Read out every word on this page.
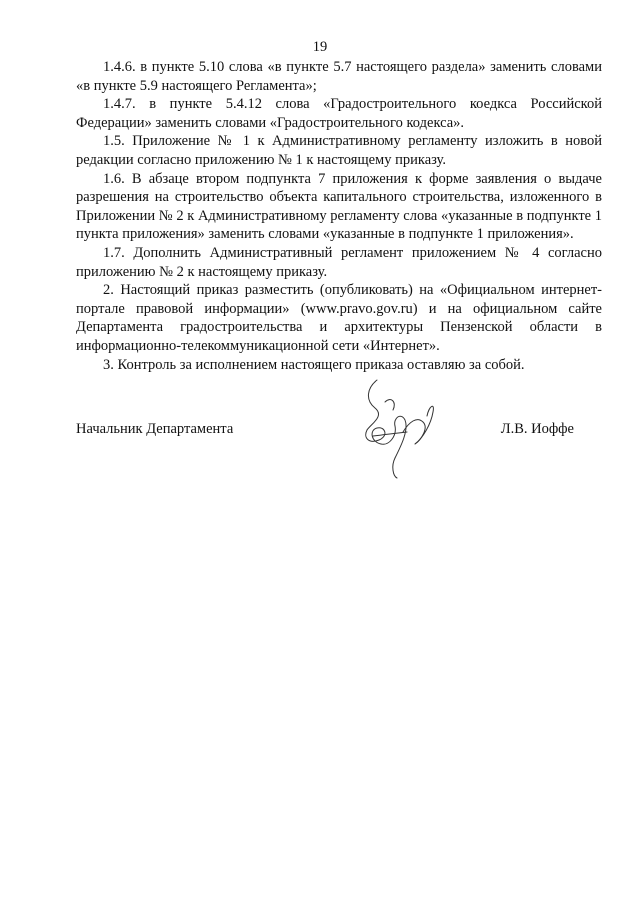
19

1.4.6. в пункте 5.10 слова «в пункте 5.7 настоящего раздела» заменить словами «в пункте 5.9 настоящего Регламента»;

1.4.7. в пункте 5.4.12 слова «Градостроительного коедкса Российской Федерации» заменить словами «Градостроительного кодекса».

1.5. Приложение № 1 к Административному регламенту изложить в новой редакции согласно приложению № 1 к настоящему приказу.

1.6. В абзаце втором подпункта 7 приложения к форме заявления о выдаче разрешения на строительство объекта капитального строительства, изложенного в Приложении № 2 к Административному регламенту слова «указанные в подпункте 1 пункта приложения» заменить словами «указанные в подпункте 1 приложения».

1.7. Дополнить Административный регламент приложением № 4 согласно приложению № 2 к настоящему приказу.

2. Настоящий приказ разместить (опубликовать) на «Официальном интернет-портале правовой информации» (www.pravo.gov.ru) и на официальном сайте Департамента градостроительства и архитектуры Пензенской области в информационно-телекоммуникационной сети «Интернет».

3. Контроль за исполнением настоящего приказа оставляю за собой.

Начальник Департамента	Л.В. Иоффе
